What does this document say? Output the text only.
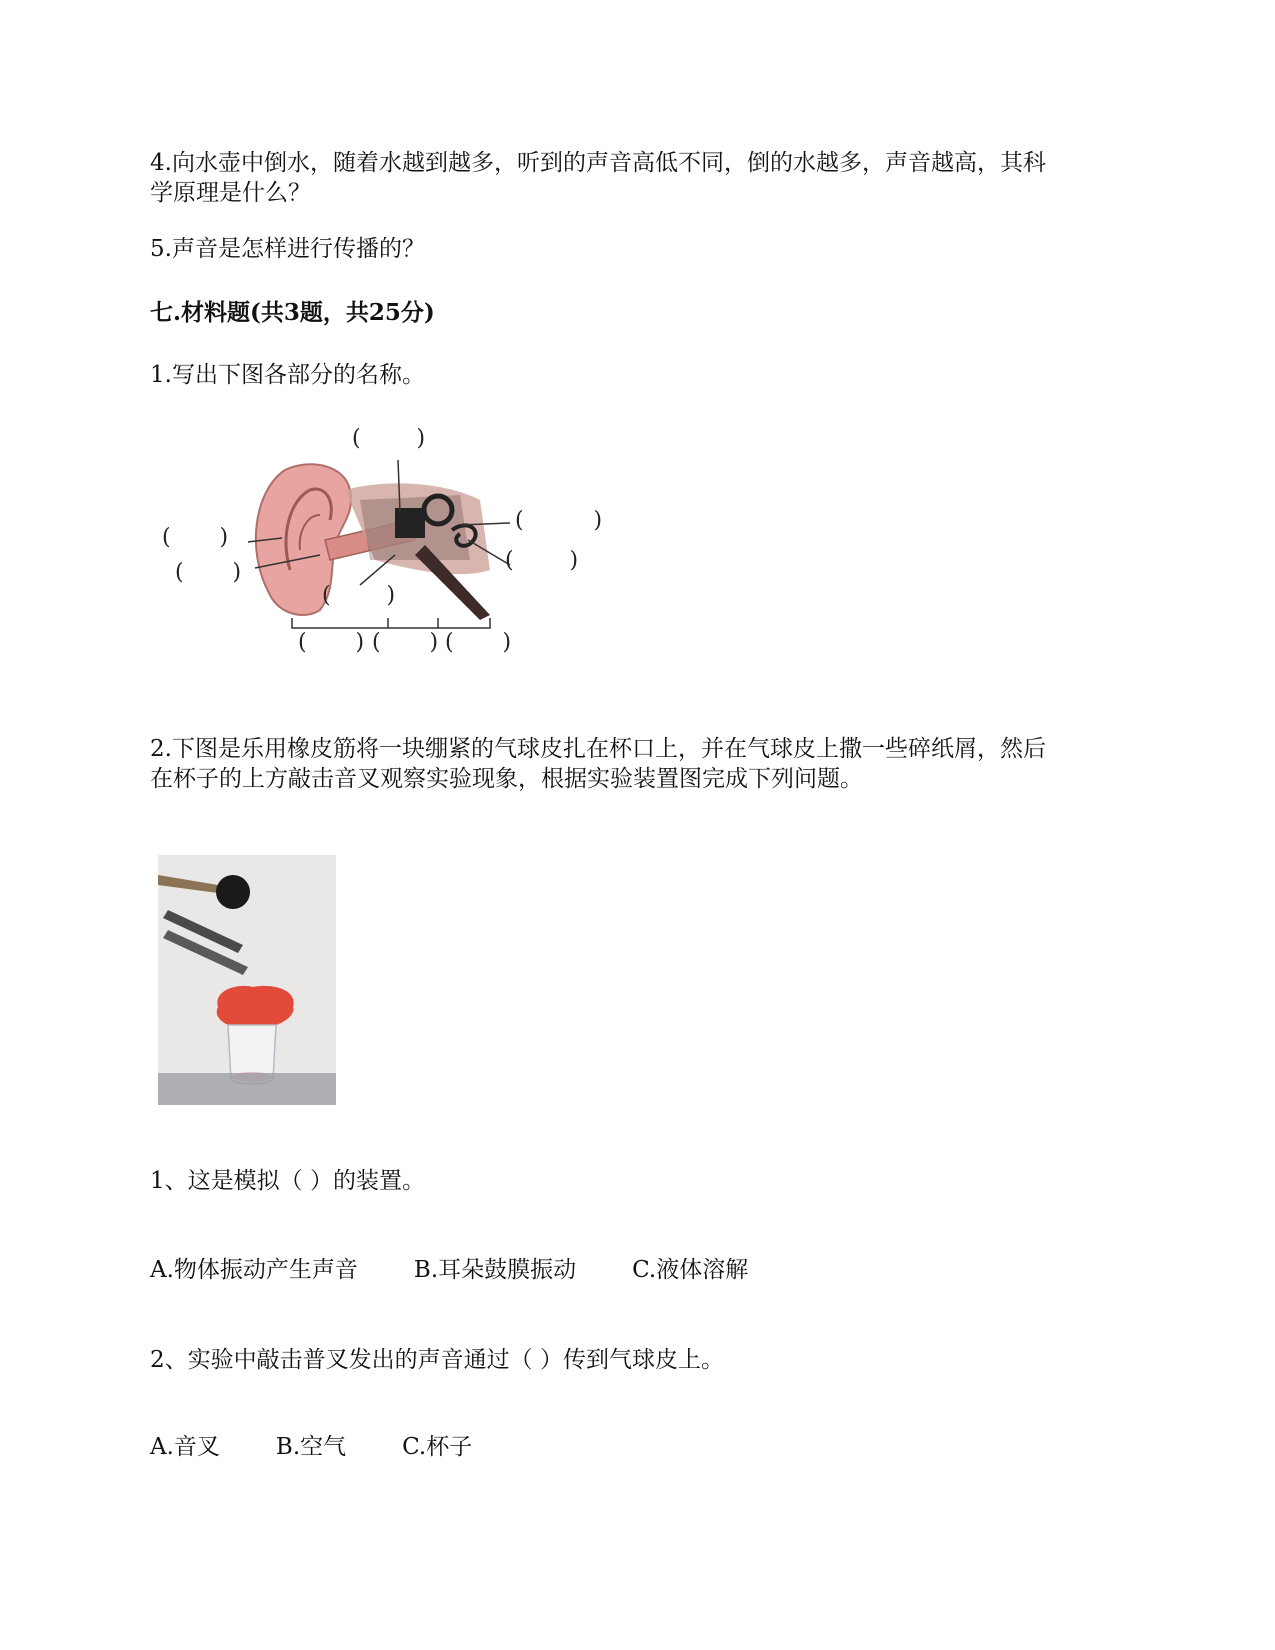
4.向水壶中倒水，随着水越到越多，听到的声音高低不同，倒的水越多，声音越高，其科
学原理是什么？
5.声音是怎样进行传播的？
七.材料题(共3题，共25分)
1.写出下图各部分的名称。
(        )
(          )
(       )
(        )
(       )
(        )
(       ) (       ) (       )
2.下图是乐用橡皮筋将一块绷紧的气球皮扎在杯口上，并在气球皮上撒一些碎纸屑，然后
在杯子的上方敲击音叉观察实验现象，根据实验装置图完成下列问题。
1、这是模拟（ ）的装置。
A.物体振动产生声音 B.耳朵鼓膜振动 C.液体溶解
2、实验中敲击普叉发出的声音通过（ ）传到气球皮上。
A.音叉 B.空气 C.杯子
